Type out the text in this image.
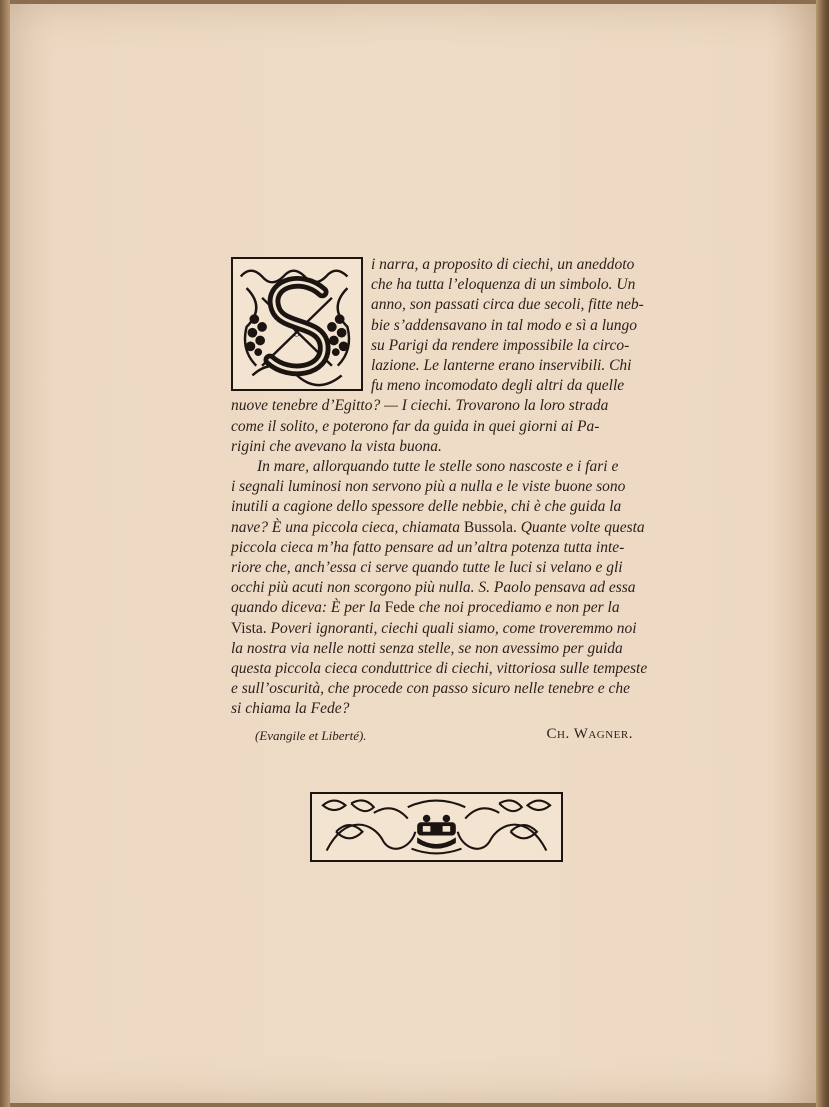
S
i narra, a proposito di ciechi, un aneddoto
che ha tutta l’eloquenza di un simbolo. Un
anno, son passati circa due secoli, fitte neb-
bie s’addensavano in tal modo e sì a lungo
su Parigi da rendere impossibile la circo-
lazione. Le lanterne erano inservibili. Chi
fu meno incomodato degli altri da quelle
nuove tenebre d’Egitto? — I ciechi. Trovarono la loro strada
come il solito, e poterono far da guida in quei giorni ai Pa-
rigini che avevano la vista buona.
In mare, allorquando tutte le stelle sono nascoste e i fari e
i segnali luminosi non servono più a nulla e le viste buone sono
inutili a cagione dello spessore delle nebbie, chi è che guida la
nave? È una piccola cieca, chiamata Bussola. Quante volte questa
piccola cieca m’ha fatto pensare ad un’altra potenza tutta inte-
riore che, anch’essa ci serve quando tutte le luci si velano e gli
occhi più acuti non scorgono più nulla. S. Paolo pensava ad essa
quando diceva: È per la Fede che noi procediamo e non per la
Vista. Poveri ignoranti, ciechi quali siamo, come troveremmo noi
la nostra via nelle notti senza stelle, se non avessimo per guida
questa piccola cieca conduttrice di ciechi, vittoriosa sulle tempeste
e sull’oscurità, che procede con passo sicuro nelle tenebre e che
si chiama la Fede?
(Evangile et Liberté).	Ch. Wagner.
